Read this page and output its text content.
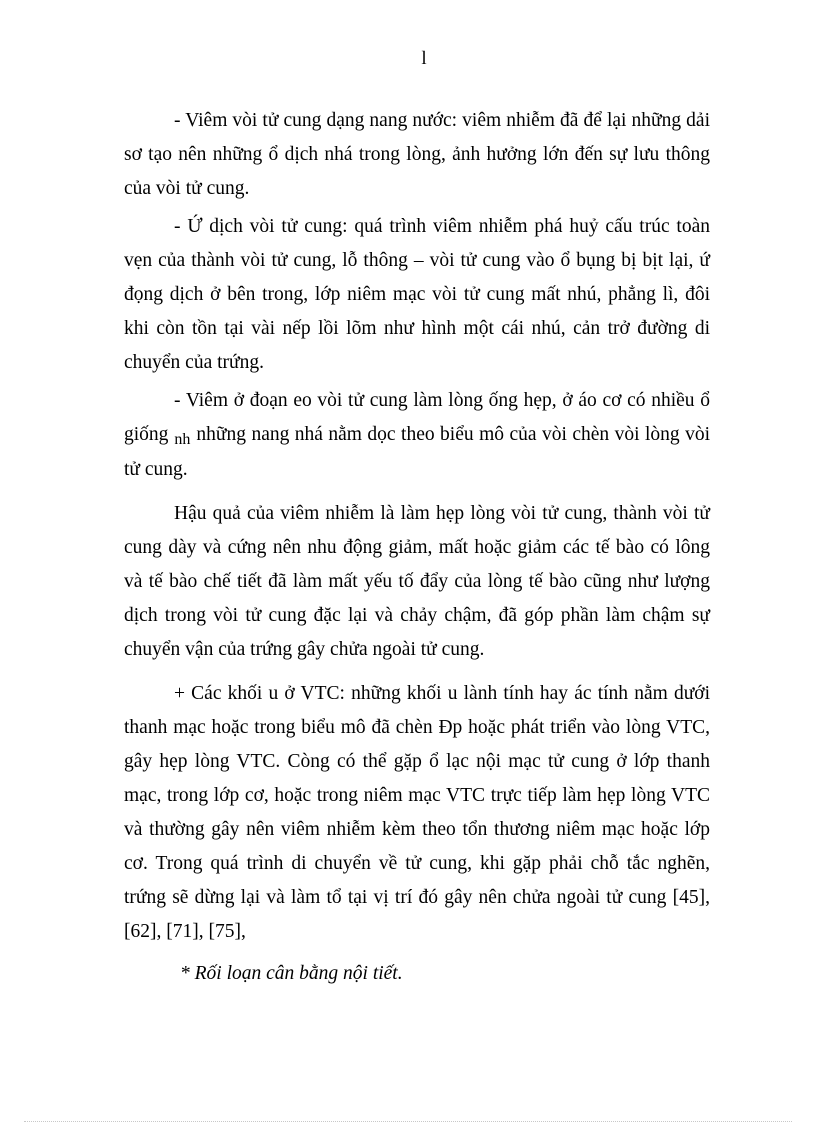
l

- Viêm vòi tử cung dạng nang nước: viêm nhiễm đã để lại những dải sơ tạo nên những ổ dịch nhá trong lòng, ảnh hưởng lớn đến sự lưu thông của vòi tử cung.

- Ứ dịch vòi tử cung: quá trình viêm nhiễm phá huỷ cấu trúc toàn vẹn của thành vòi tử cung, lỗ thông – vòi tử cung vào ổ bụng bị bịt lại, ứ đọng dịch ở bên trong, lớp niêm mạc vòi tử cung mất nhú, phẳng lì, đôi khi còn tồn tại vài nếp lồi lõm như hình một cái nhú, cản trở đường di chuyển của trứng.

- Viêm ở đoạn eo vòi tử cung làm lòng ống hẹp, ở áo cơ có nhiều ổ giống $_{nh}$ những nang nhá nằm dọc theo biểu mô của vòi chèn vòi lòng vòi tử cung.

Hậu quả của viêm nhiễm là làm hẹp lòng vòi tử cung, thành vòi tử cung dày và cứng nên nhu động giảm, mất hoặc giảm các tế bào có lông và tế bào chế tiết đã làm mất yếu tố đẩy của lòng tế bào cũng như lượng dịch trong vòi tử cung đặc lại và chảy chậm, đã góp phần làm chậm sự chuyển vận của trứng gây chửa ngoài tử cung.

+ Các khối u ở VTC: những khối u lành tính hay ác tính nằm dưới thanh mạc hoặc trong biểu mô đã chèn Đp hoặc phát triển vào lòng VTC, gây hẹp lòng VTC. Còng có thể gặp ổ lạc nội mạc tử cung ở lớp thanh mạc, trong lớp cơ, hoặc trong niêm mạc VTC trực tiếp làm hẹp lòng VTC và thường gây nên viêm nhiễm kèm theo tổn thương niêm mạc hoặc lớp cơ. Trong quá trình di chuyển về tử cung, khi gặp phải chỗ tắc nghẽn, trứng sẽ dừng lại và làm tổ tại vị trí đó gây nên chửa ngoài tử cung [45], [62], [71], [75],

* Rối loạn cân bằng nội tiết.
